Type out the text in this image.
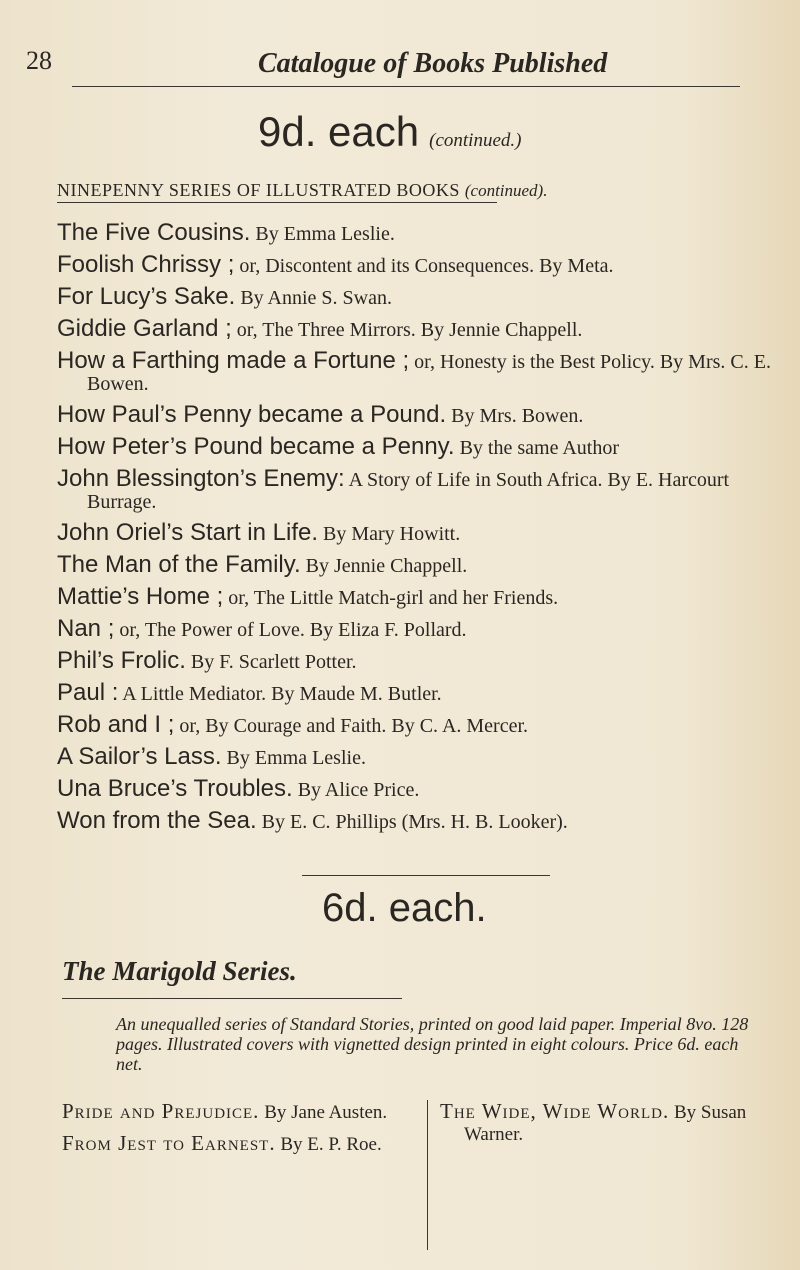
28	Catalogue of Books Published
9d. each (continued.)
NINEPENNY SERIES OF ILLUSTRATED BOOKS (continued).
The Five Cousins. By Emma Leslie.
Foolish Chrissy ; or, Discontent and its Consequences. By Meta.
For Lucy’s Sake. By Annie S. Swan.
Giddie Garland ; or, The Three Mirrors. By Jennie Chappell.
How a Farthing made a Fortune ; or, Honesty is the Best Policy. By Mrs. C. E. Bowen.
How Paul’s Penny became a Pound. By Mrs. Bowen.
How Peter’s Pound became a Penny. By the same Author
John Blessington’s Enemy: A Story of Life in South Africa. By E. Harcourt Burrage.
John Oriel’s Start in Life. By Mary Howitt.
The Man of the Family. By Jennie Chappell.
Mattie’s Home ; or, The Little Match-girl and her Friends.
Nan ; or, The Power of Love. By Eliza F. Pollard.
Phil’s Frolic. By F. Scarlett Potter.
Paul : A Little Mediator. By Maude M. Butler.
Rob and I ; or, By Courage and Faith. By C. A. Mercer.
A Sailor’s Lass. By Emma Leslie.
Una Bruce’s Troubles. By Alice Price.
Won from the Sea. By E. C. Phillips (Mrs. H. B. Looker).
6d. each.
The Marigold Series.
An unequalled series of Standard Stories, printed on good laid paper. Imperial 8vo. 128 pages. Illustrated covers with vignetted design printed in eight colours. Price 6d. each net.

Pride and Prejudice. By Jane Austen.

From Jest to Earnest. By E. P. Roe.

The Wide, Wide World. By Susan Warner.
